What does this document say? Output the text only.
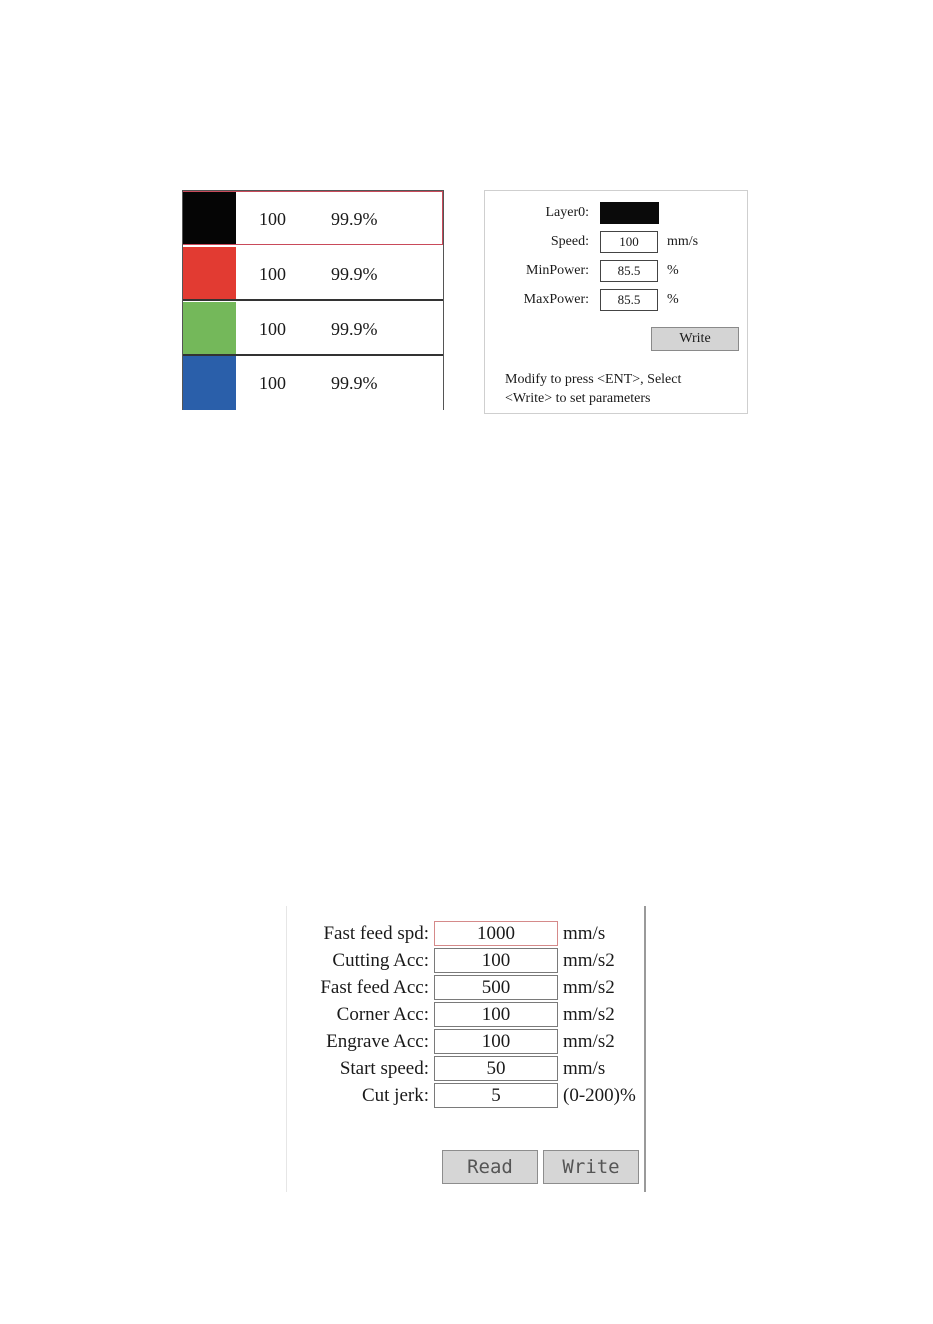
100	99.9%
100	99.9%
100	99.9%
100	99.9%
Layer0:
Speed:	100	mm/s
MinPower:	85.5	%
MaxPower:	85.5	%
Write
Modify to press <ENT>, Select
<Write> to set parameters
Fast feed spd:	1000	mm/s
Cutting Acc:	100	mm/s2
Fast feed Acc:	500	mm/s2
Corner Acc:	100	mm/s2
Engrave Acc:	100	mm/s2
Start speed:	50	mm/s
Cut jerk:	5	(0-200)%
Read	Write
